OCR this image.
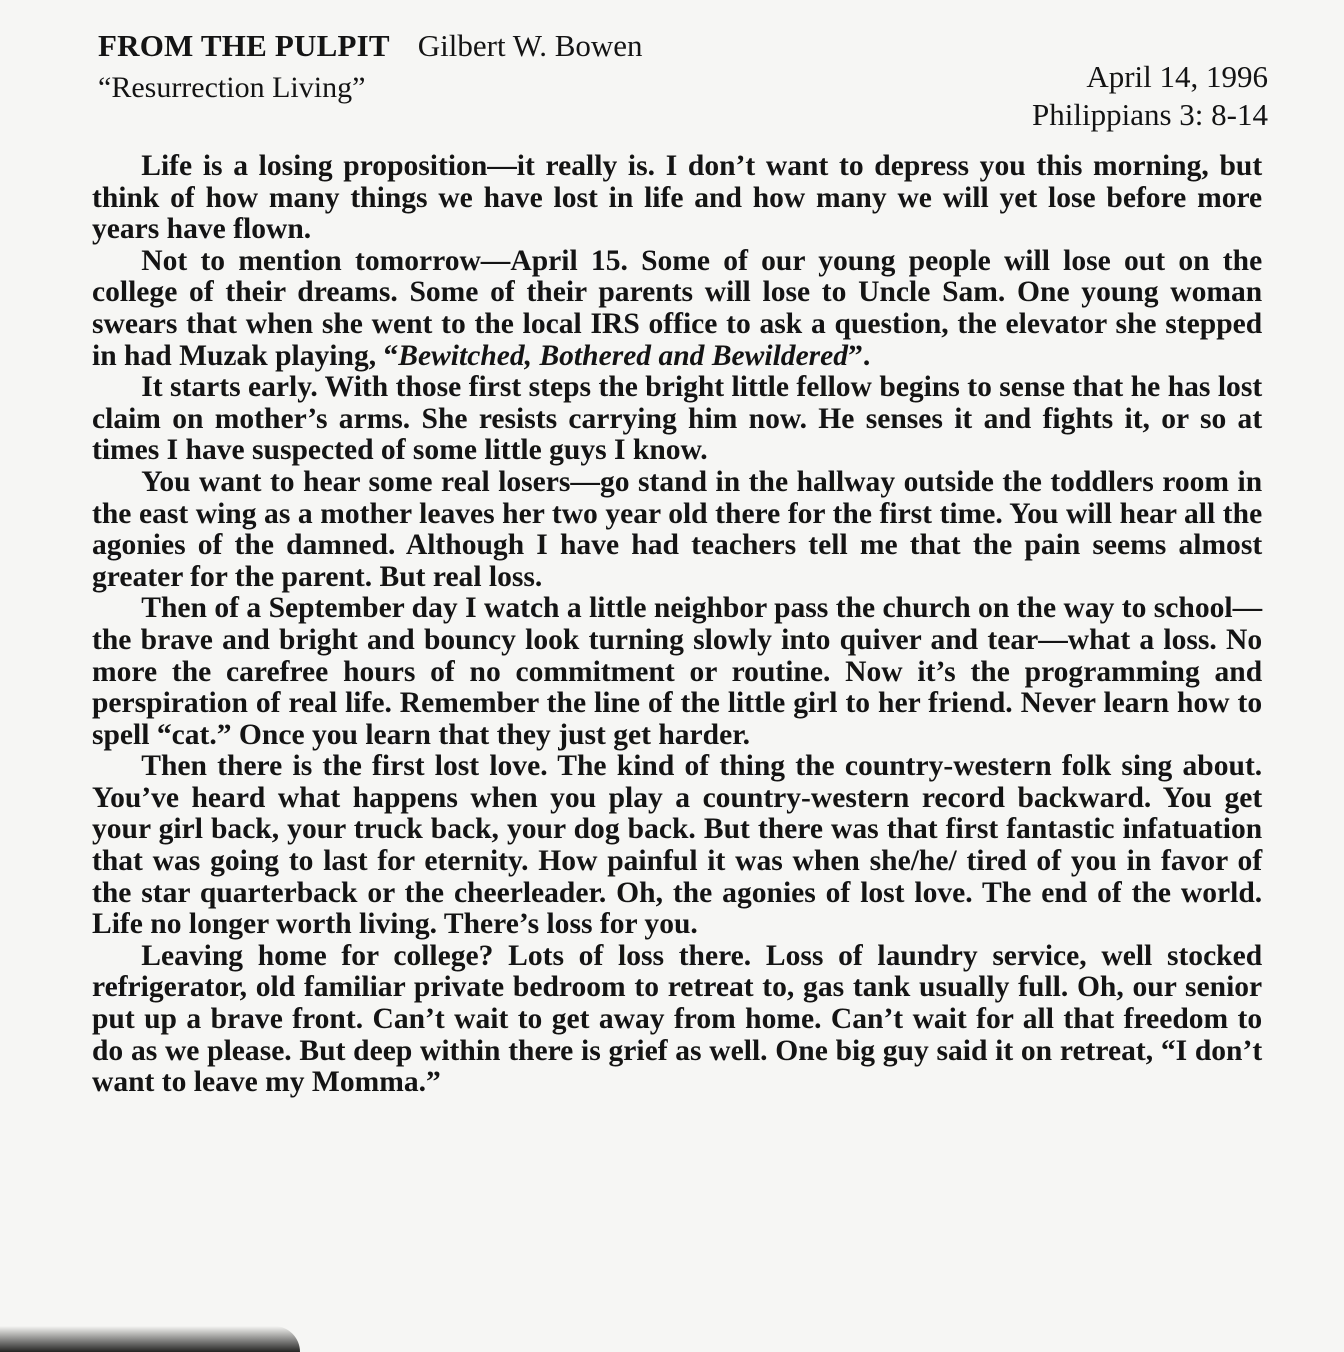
FROM THE PULPIT Gilbert W. Bowen
“Resurrection Living”	April 14, 1996
Philippians 3: 8-14

Life is a losing proposition—it really is. I don’t want to depress you this morning, but think of how many things we have lost in life and how many we will yet lose before more years have flown.

Not to mention tomorrow—April 15. Some of our young people will lose out on the college of their dreams. Some of their parents will lose to Uncle Sam. One young woman swears that when she went to the local IRS office to ask a question, the elevator she stepped in had Muzak playing, “Bewitched, Bothered and Bewildered”.

It starts early. With those first steps the bright little fellow begins to sense that he has lost claim on mother’s arms. She resists carrying him now. He senses it and fights it, or so at times I have suspected of some little guys I know.

You want to hear some real losers—go stand in the hallway outside the toddlers room in the east wing as a mother leaves her two year old there for the first time. You will hear all the agonies of the damned. Although I have had teachers tell me that the pain seems almost greater for the parent. But real loss.

Then of a September day I watch a little neighbor pass the church on the way to school—the brave and bright and bouncy look turning slowly into quiver and tear—what a loss. No more the carefree hours of no commitment or routine. Now it’s the programming and perspiration of real life. Remember the line of the little girl to her friend. Never learn how to spell “cat.” Once you learn that they just get harder.

Then there is the first lost love. The kind of thing the country-western folk sing about. You’ve heard what happens when you play a country-western record backward. You get your girl back, your truck back, your dog back. But there was that first fantastic infatuation that was going to last for eternity. How painful it was when she/he/ tired of you in favor of the star quarterback or the cheerleader. Oh, the agonies of lost love. The end of the world. Life no longer worth living. There’s loss for you.

Leaving home for college? Lots of loss there. Loss of laundry service, well stocked refrigerator, old familiar private bedroom to retreat to, gas tank usually full. Oh, our senior put up a brave front. Can’t wait to get away from home. Can’t wait for all that freedom to do as we please. But deep within there is grief as well. One big guy said it on retreat, “I don’t want to leave my Momma.”
